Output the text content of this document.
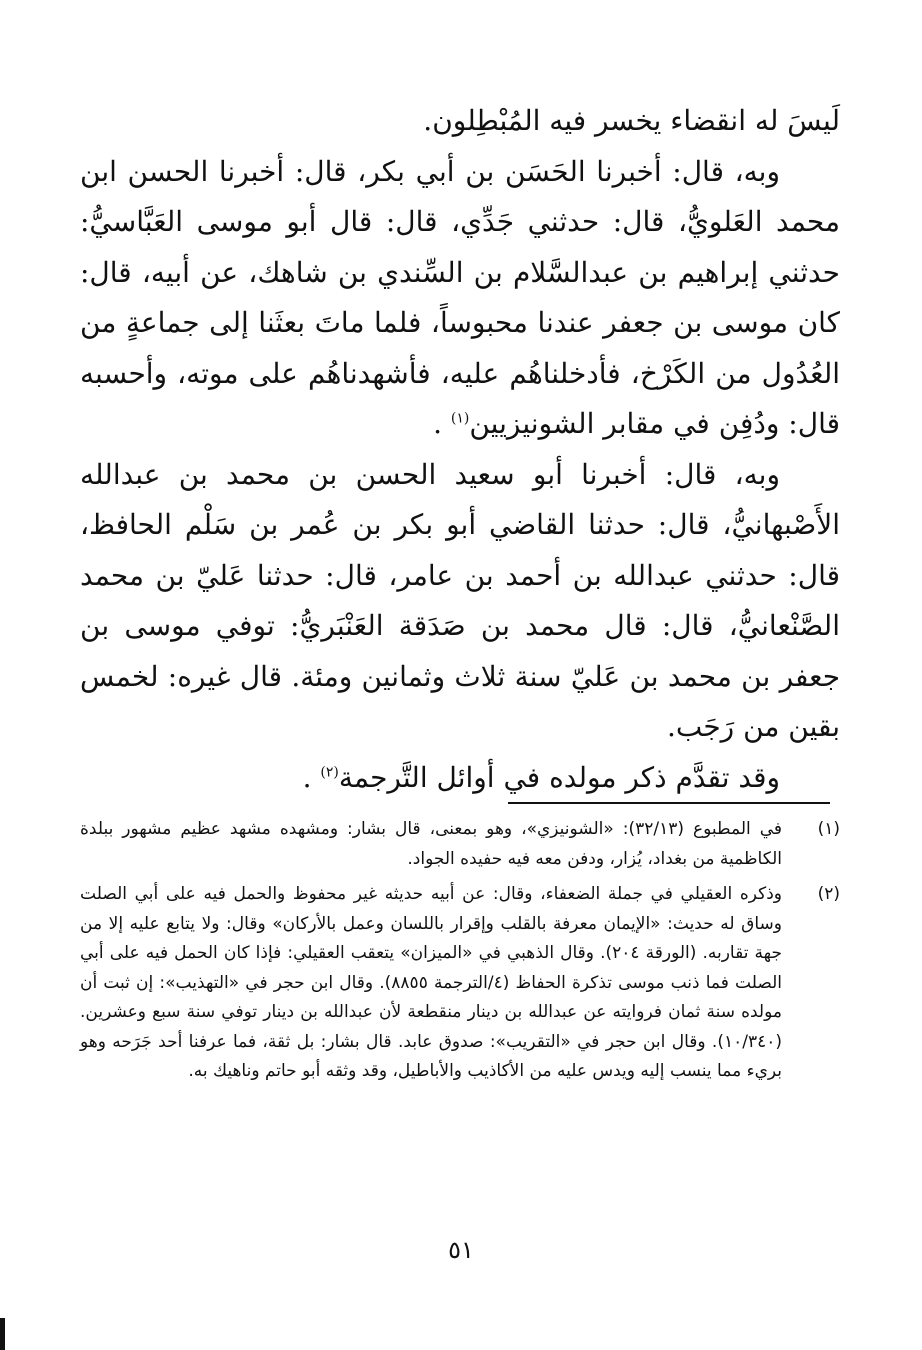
لَيسَ له انقضاء يخسر فيه المُبْطِلون.

وبه، قال: أخبرنا الحَسَن بن أبي بكر، قال: أخبرنا الحسن ابن محمد العَلويُّ، قال: حدثني جَدِّي، قال: قال أبو موسى العَبَّاسيُّ: حدثني إبراهيم بن عبدالسَّلام بن السِّندي بن شاهك، عن أبيه، قال: كان موسى بن جعفر عندنا محبوساً، فلما ماتَ بعثَنا إلى جماعةٍ من العُدُول من الكَرْخ، فأدخلناهُم عليه، فأشهدناهُم على موته، وأحسبه قال: ودُفِن في مقابر الشونيزيين$^{(١)}$ .

وبه، قال: أخبرنا أبو سعيد الحسن بن محمد بن عبدالله الأَصْبهانيُّ، قال: حدثنا القاضي أبو بكر بن عُمر بن سَلْم الحافظ، قال: حدثني عبدالله بن أحمد بن عامر، قال: حدثنا عَليّ بن محمد الصَّنْعانيُّ، قال: قال محمد بن صَدَقة العَنْبَريُّ: توفي موسى بن جعفر بن محمد بن عَليّ سنة ثلاث وثمانين ومئة. قال غيره: لخمس بقين من رَجَب.

وقد تقدَّم ذكر مولده في أوائل التَّرجمة$^{(٢)}$ .

(١)
في المطبوع (٣٢/١٣): «الشونيزي»، وهو بمعنى، قال بشار: ومشهده مشهد عظيم مشهور ببلدة الكاظمية من بغداد، يُزار، ودفن معه فيه حفيده الجواد.
(٢)
وذكره العقيلي في جملة الضعفاء، وقال: عن أبيه حديثه غير محفوظ والحمل فيه على أبي الصلت وساق له حديث: «الإيمان معرفة بالقلب وإقرار باللسان وعمل بالأركان» وقال: ولا يتابع عليه إلا من جهة تقاربه. (الورقة ٢٠٤). وقال الذهبي في «الميزان» يتعقب العقيلي: فإذا كان الحمل فيه على أبي الصلت فما ذنب موسى تذكرة الحفاظ (٤/الترجمة ٨٨٥٥). وقال ابن حجر في «التهذيب»: إن ثبت أن مولده سنة ثمان فروايته عن عبدالله بن دينار منقطعة لأن عبدالله بن دينار توفي سنة سبع وعشرين. (١٠/٣٤٠). وقال ابن حجر في «التقريب»: صدوق عابد. قال بشار: بل ثقة، فما عرفنا أحد جَرَحه وهو بريء مما ينسب إليه ويدس عليه من الأكاذيب والأباطيل، وقد وثقه أبو حاتم وناهيك به.
٥١
